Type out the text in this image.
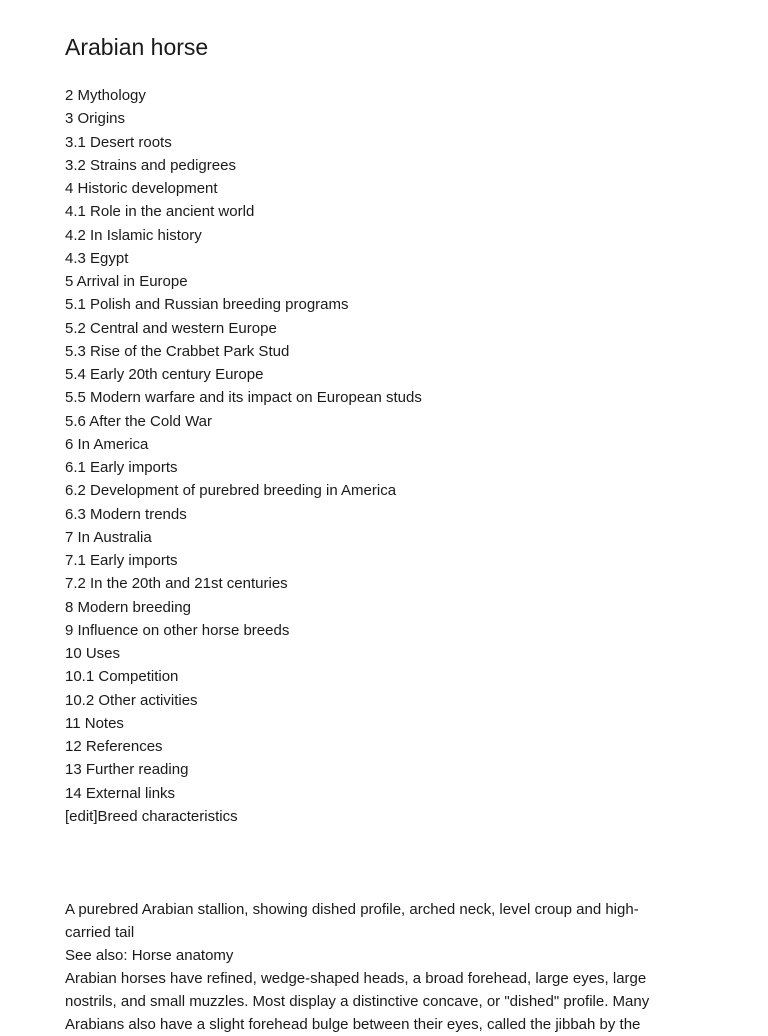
Arabian horse
2 Mythology
3 Origins
3.1 Desert roots
3.2 Strains and pedigrees
4 Historic development
4.1 Role in the ancient world
4.2 In Islamic history
4.3 Egypt
5 Arrival in Europe
5.1 Polish and Russian breeding programs
5.2 Central and western Europe
5.3 Rise of the Crabbet Park Stud
5.4 Early 20th century Europe
5.5 Modern warfare and its impact on European studs
5.6 After the Cold War
6 In America
6.1 Early imports
6.2 Development of purebred breeding in America
6.3 Modern trends
7 In Australia
7.1 Early imports
7.2 In the 20th and 21st centuries
8 Modern breeding
9 Influence on other horse breeds
10 Uses
10.1 Competition
10.2 Other activities
11 Notes
12 References
13 Further reading
14 External links
[edit]Breed characteristics

A purebred Arabian stallion, showing dished profile, arched neck, level croup and high-carried tail

See also: Horse anatomy

Arabian horses have refined, wedge-shaped heads, a broad forehead, large eyes, large nostrils, and small muzzles. Most display a distinctive concave, or "dished" profile. Many Arabians also have a slight forehead bulge between their eyes, called the jibbah by the
